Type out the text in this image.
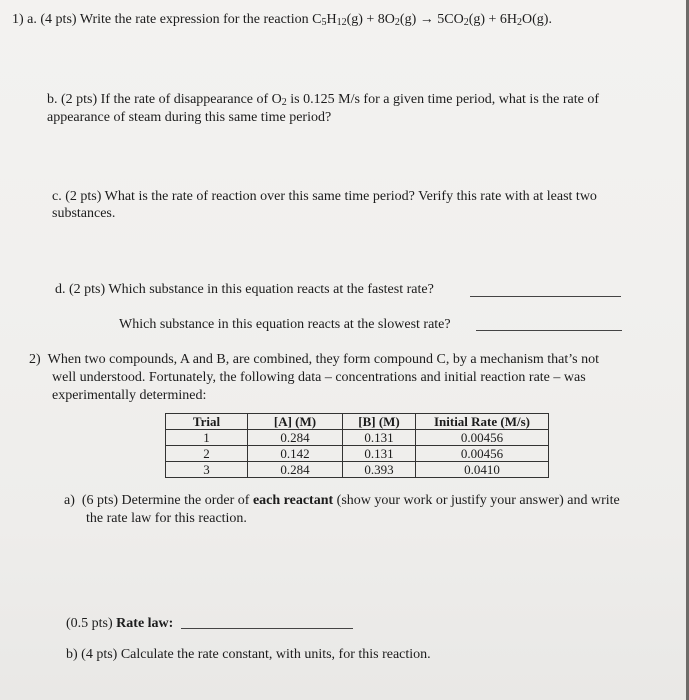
1) a. (4 pts) Write the rate expression for the reaction $C_5H_{12}(g) + 8O_2(g) \to 5CO_2(g) + 6H_2O(g)$.
b. (2 pts) If the rate of disappearance of $O_2$ is 0.125 M/s for a given time period, what is the rate of
appearance of steam during this same time period?
c. (2 pts) What is the rate of reaction over this same time period? Verify this rate with at least two
substances.
d. (2 pts) Which substance in this equation reacts at the fastest rate?
Which substance in this equation reacts at the slowest rate?
2) When two compounds, A and B, are combined, they form compound C, by a mechanism that’s not
well understood. Fortunately, the following data – concentrations and initial reaction rate – was
experimentally determined:
Trial	[A] (M)	[B] (M)	Initial Rate (M/s)
1	0.284	0.131	0.00456
2	0.142	0.131	0.00456
3	0.284	0.393	0.0410
a) (6 pts) Determine the order of each reactant (show your work or justify your answer) and write
the rate law for this reaction.
(0.5 pts) Rate law:
b) (4 pts) Calculate the rate constant, with units, for this reaction.
